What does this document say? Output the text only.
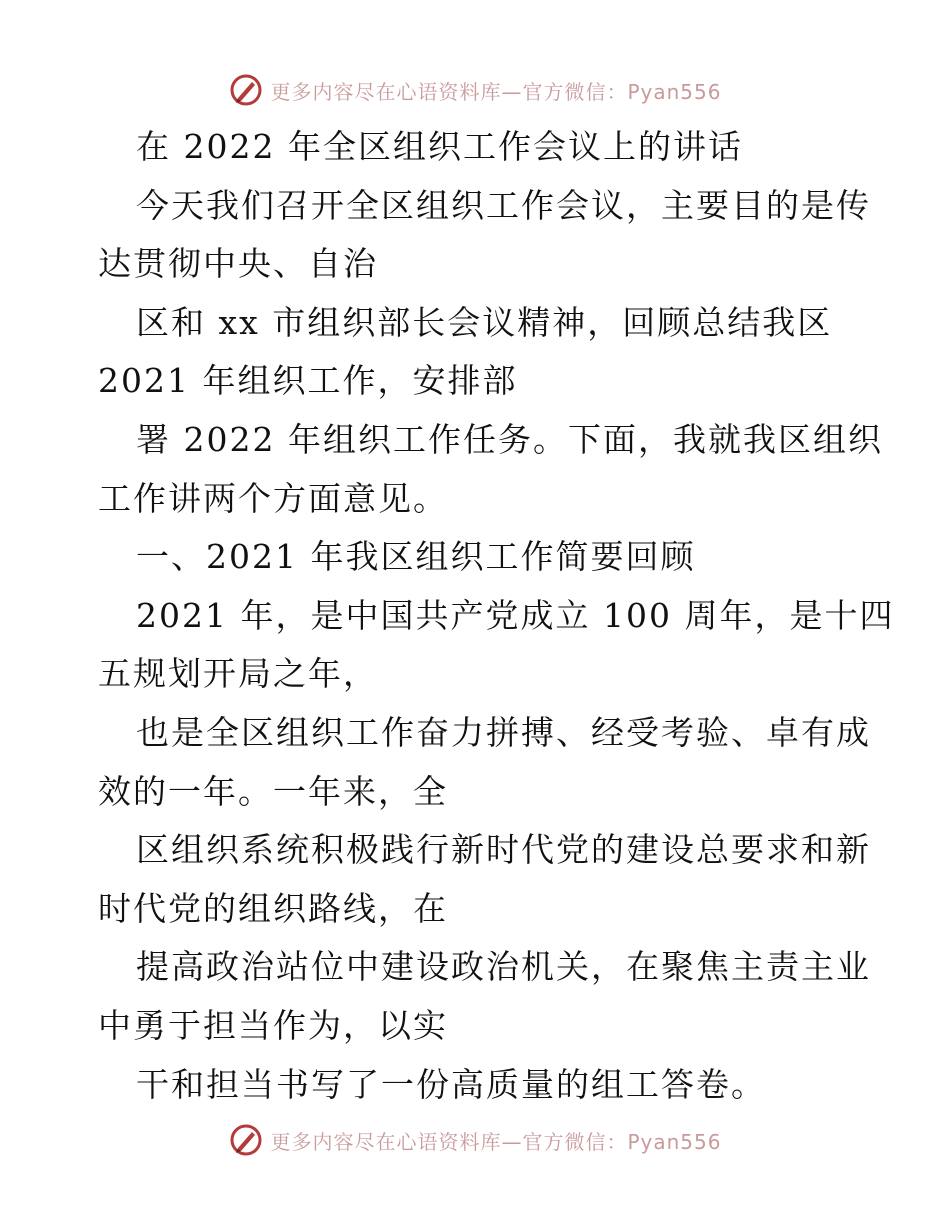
更多内容尽在心语资料库—官方微信：Pyan556

在 2022 年全区组织工作会议上的讲话

今天我们召开全区组织工作会议，主要目的是传

达贯彻中央、自治

区和 xx 市组织部长会议精神，回顾总结我区

2021 年组织工作，安排部

署 2022 年组织工作任务。下面，我就我区组织

工作讲两个方面意见。

一、2021 年我区组织工作简要回顾

2021 年，是中国共产党成立 100 周年，是十四

五规划开局之年，

也是全区组织工作奋力拼搏、经受考验、卓有成

效的一年。一年来，全

区组织系统积极践行新时代党的建设总要求和新

时代党的组织路线，在

提高政治站位中建设政治机关，在聚焦主责主业

中勇于担当作为，以实

干和担当书写了一份高质量的组工答卷。

更多内容尽在心语资料库—官方微信：Pyan556
